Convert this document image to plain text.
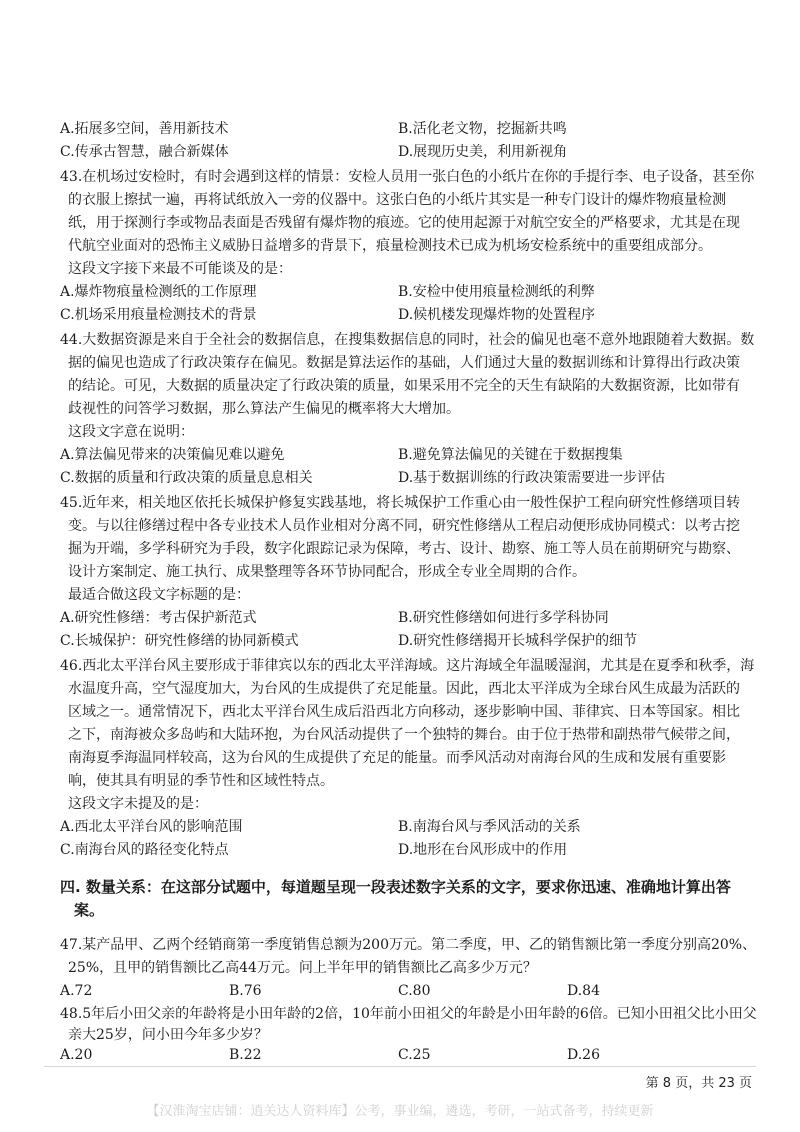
A.拓展多空间，善用新技术	B.活化老文物，挖掘新共鸣
C.传承古智慧，融合新媒体	D.展现历史美，利用新视角
43.在机场过安检时，有时会遇到这样的情景：安检人员用一张白色的小纸片在你的手提行李、电子设备，甚至你
的衣服上擦拭一遍，再将试纸放入一旁的仪器中。这张白色的小纸片其实是一种专门设计的爆炸物痕量检测
纸，用于探测行李或物品表面是否残留有爆炸物的痕迹。它的使用起源于对航空安全的严格要求，尤其是在现
代航空业面对的恐怖主义威胁日益增多的背景下，痕量检测技术已成为机场安检系统中的重要组成部分。
这段文字接下来最不可能谈及的是：
A.爆炸物痕量检测纸的工作原理	B.安检中使用痕量检测纸的利弊
C.机场采用痕量检测技术的背景	D.候机楼发现爆炸物的处置程序
44.大数据资源是来自于全社会的数据信息，在搜集数据信息的同时，社会的偏见也毫不意外地跟随着大数据。数
据的偏见也造成了行政决策存在偏见。数据是算法运作的基础，人们通过大量的数据训练和计算得出行政决策
的结论。可见，大数据的质量决定了行政决策的质量，如果采用不完全的天生有缺陷的大数据资源，比如带有
歧视性的问答学习数据，那么算法产生偏见的概率将大大增加。
这段文字意在说明：
A.算法偏见带来的决策偏见难以避免	B.避免算法偏见的关键在于数据搜集
C.数据的质量和行政决策的质量息息相关	D.基于数据训练的行政决策需要进一步评估
45.近年来，相关地区依托长城保护修复实践基地，将长城保护工作重心由一般性保护工程向研究性修缮项目转
变。与以往修缮过程中各专业技术人员作业相对分离不同，研究性修缮从工程启动便形成协同模式：以考古挖
掘为开端，多学科研究为手段，数字化跟踪记录为保障，考古、设计、勘察、施工等人员在前期研究与勘察、
设计方案制定、施工执行、成果整理等各环节协同配合，形成全专业全周期的合作。
最适合做这段文字标题的是：
A.研究性修缮：考古保护新范式	B.研究性修缮如何进行多学科协同
C.长城保护：研究性修缮的协同新模式	D.研究性修缮揭开长城科学保护的细节
46.西北太平洋台风主要形成于菲律宾以东的西北太平洋海域。这片海域全年温暖湿润，尤其是在夏季和秋季，海
水温度升高，空气湿度加大，为台风的生成提供了充足能量。因此，西北太平洋成为全球台风生成最为活跃的
区域之一。通常情况下，西北太平洋台风生成后沿西北方向移动，逐步影响中国、菲律宾、日本等国家。相比
之下，南海被众多岛屿和大陆环抱，为台风活动提供了一个独特的舞台。由于位于热带和副热带气候带之间，
南海夏季海温同样较高，这为台风的生成提供了充足的能量。而季风活动对南海台风的生成和发展有重要影
响，使其具有明显的季节性和区域性特点。
这段文字未提及的是：
A.西北太平洋台风的影响范围	B.南海台风与季风活动的关系
C.南海台风的路径变化特点	D.地形在台风形成中的作用
四. 数量关系：在这部分试题中，每道题呈现一段表述数字关系的文字，要求你迅速、准确地计算出答
案。
47.某产品甲、乙两个经销商第一季度销售总额为200万元。第二季度，甲、乙的销售额比第一季度分别高20%、
25%，且甲的销售额比乙高44万元。问上半年甲的销售额比乙高多少万元？
A.72	B.76	C.80	D.84
48.5年后小田父亲的年龄将是小田年龄的2倍，10年前小田祖父的年龄是小田年龄的6倍。已知小田祖父比小田父
亲大25岁，问小田今年多少岁？
A.20	B.22	C.25	D.26
第 8 页，共 23 页
【汉淮淘宝店铺：逍关达人资料库】公考，事业编，遴选，考研，一站式备考，持续更新
